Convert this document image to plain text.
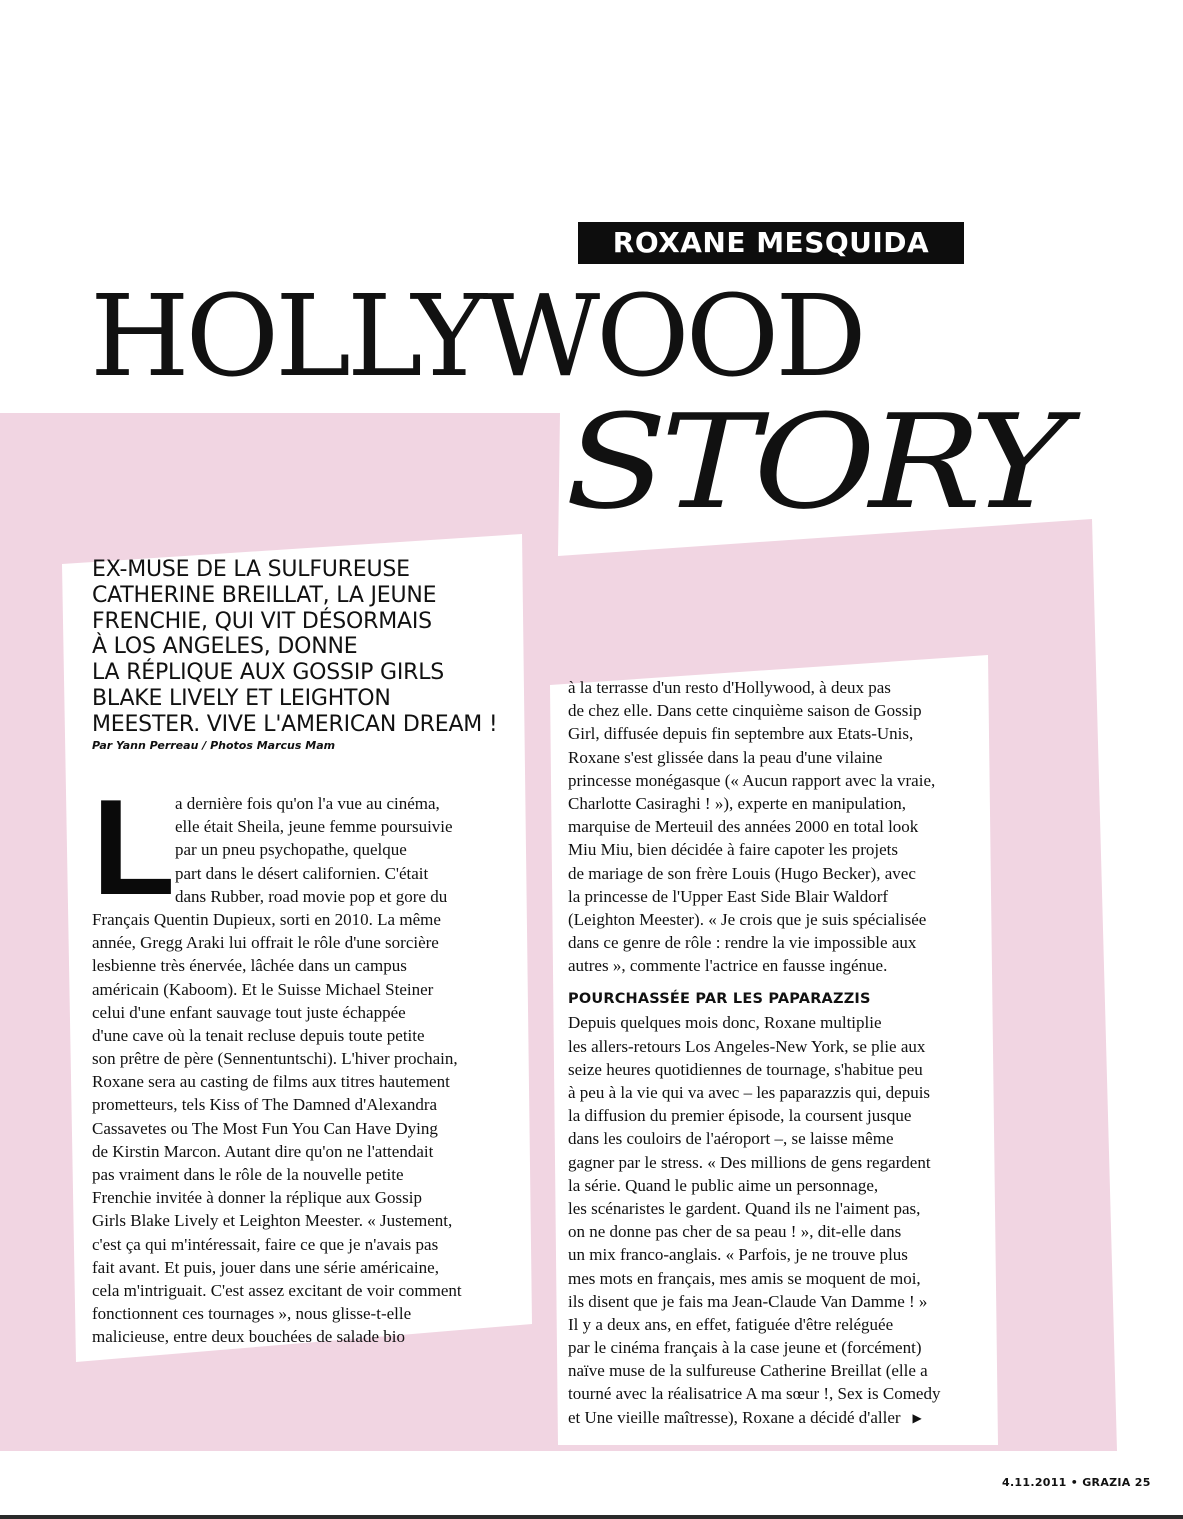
ROXANE MESQUIDA
HOLLYWOOD
STORY
EX-MUSE DE LA SULFUREUSE
CATHERINE BREILLAT, LA JEUNE
FRENCHIE, QUI VIT DÉSORMAIS
À LOS ANGELES, DONNE
LA RÉPLIQUE AUX GOSSIP GIRLS
BLAKE LIVELY ET LEIGHTON
MEESTER. VIVE L'AMERICAN DREAM !
Par Yann Perreau / Photos Marcus Mam
L a dernière fois qu'on l'a vue au cinéma,
elle était Sheila, jeune femme poursuivie
par un pneu psychopathe, quelque
part dans le désert californien. C'était
dans Rubber, road movie pop et gore du
Français Quentin Dupieux, sorti en 2010. La même
année, Gregg Araki lui offrait le rôle d'une sorcière
lesbienne très énervée, lâchée dans un campus
américain (Kaboom). Et le Suisse Michael Steiner
celui d'une enfant sauvage tout juste échappée
d'une cave où la tenait recluse depuis toute petite
son prêtre de père (Sennentuntschi). L'hiver prochain,
Roxane sera au casting de films aux titres hautement
prometteurs, tels Kiss of The Damned d'Alexandra
Cassavetes ou The Most Fun You Can Have Dying
de Kirstin Marcon. Autant dire qu'on ne l'attendait
pas vraiment dans le rôle de la nouvelle petite
Frenchie invitée à donner la réplique aux Gossip
Girls Blake Lively et Leighton Meester. « Justement,
c'est ça qui m'intéressait, faire ce que je n'avais pas
fait avant. Et puis, jouer dans une série américaine,
cela m'intriguait. C'est assez excitant de voir comment
fonctionnent ces tournages », nous glisse-t-elle
malicieuse, entre deux bouchées de salade bio
à la terrasse d'un resto d'Hollywood, à deux pas
de chez elle. Dans cette cinquième saison de Gossip
Girl, diffusée depuis fin septembre aux Etats-Unis,
Roxane s'est glissée dans la peau d'une vilaine
princesse monégasque (« Aucun rapport avec la vraie,
Charlotte Casiraghi ! »), experte en manipulation,
marquise de Merteuil des années 2000 en total look
Miu Miu, bien décidée à faire capoter les projets
de mariage de son frère Louis (Hugo Becker), avec
la princesse de l'Upper East Side Blair Waldorf
(Leighton Meester). « Je crois que je suis spécialisée
dans ce genre de rôle : rendre la vie impossible aux
autres », commente l'actrice en fausse ingénue.
POURCHASSÉE PAR LES PAPARAZZIS
Depuis quelques mois donc, Roxane multiplie
les allers-retours Los Angeles-New York, se plie aux
seize heures quotidiennes de tournage, s'habitue peu
à peu à la vie qui va avec – les paparazzis qui, depuis
la diffusion du premier épisode, la coursent jusque
dans les couloirs de l'aéroport –, se laisse même
gagner par le stress. « Des millions de gens regardent
la série. Quand le public aime un personnage,
les scénaristes le gardent. Quand ils ne l'aiment pas,
on ne donne pas cher de sa peau ! », dit-elle dans
un mix franco-anglais. « Parfois, je ne trouve plus
mes mots en français, mes amis se moquent de moi,
ils disent que je fais ma Jean-Claude Van Damme ! »
Il y a deux ans, en effet, fatiguée d'être reléguée
par le cinéma français à la case jeune et (forcément)
naïve muse de la sulfureuse Catherine Breillat (elle a
tourné avec la réalisatrice A ma sœur !, Sex is Comedy
et Une vieille maîtresse), Roxane a décidé d'aller ▶
4.11.2011 • GRAZIA 25
